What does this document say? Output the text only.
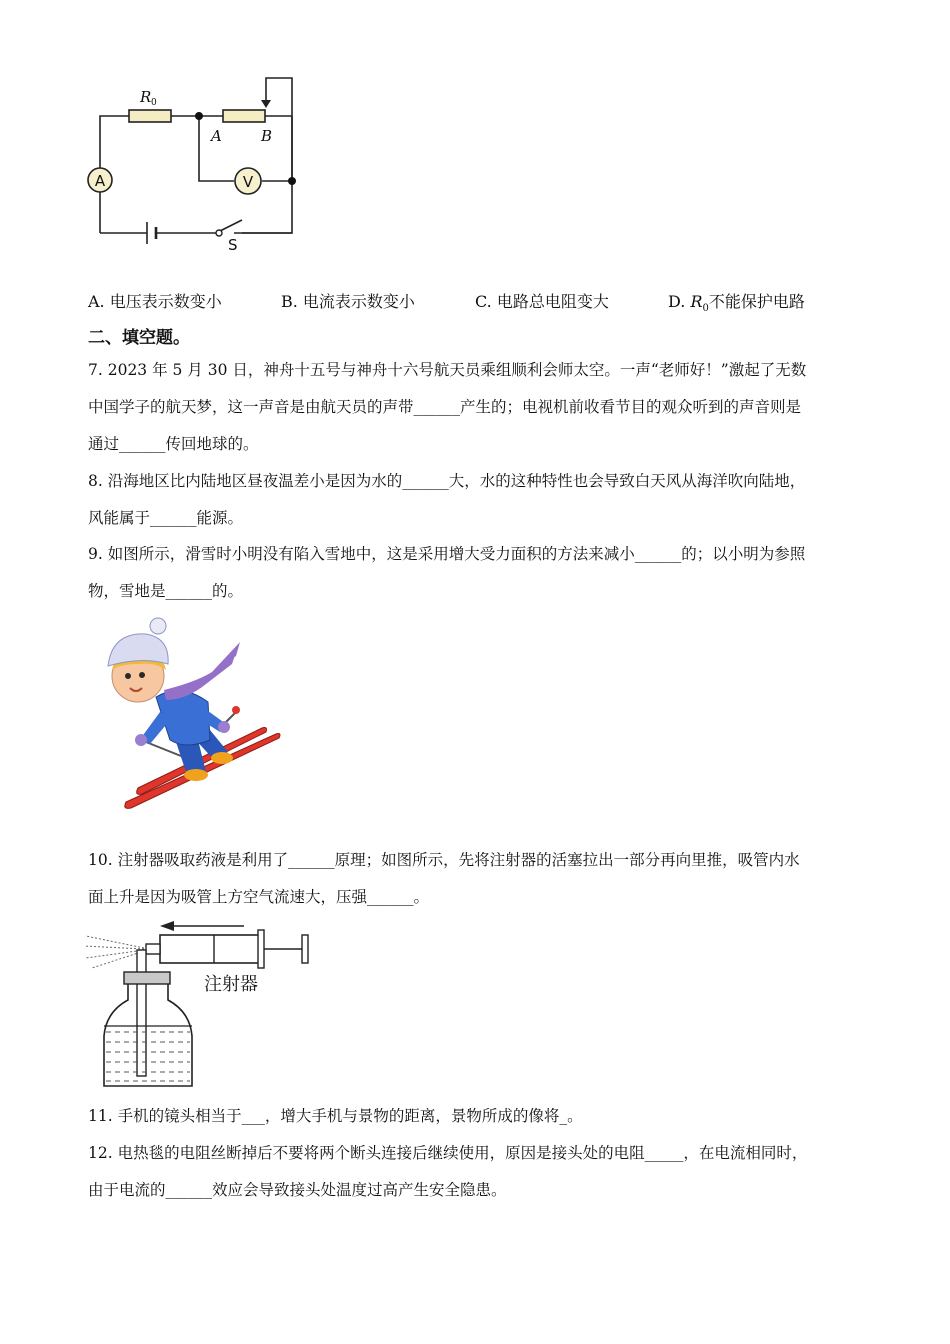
A	V
R 0
A	B
S
A. 电压表示数变小	B. 电流表示数变小	C. 电路总电阻变大	D. $R_0$不能保护电路
二、填空题。

7. 2023 年 5 月 30 日，神舟十五号与神舟十六号航天员乘组顺利会师太空。一声“老师好！”激起了无数

中国学子的航天梦，这一声音是由航天员的声带______产生的；电视机前收看节目的观众听到的声音则是

通过______传回地球的。

8. 沿海地区比内陆地区昼夜温差小是因为水的______大，水的这种特性也会导致白天风从海洋吹向陆地，

风能属于______能源。

9. 如图所示，滑雪时小明没有陷入雪地中，这是采用增大受力面积的方法来减小______的；以小明为参照

物，雪地是______的。

10. 注射器吸取药液是利用了______原理；如图所示，先将注射器的活塞拉出一部分再向里推，吸管内水

面上升是因为吸管上方空气流速大，压强______。

注射器

11. 手机的镜头相当于___，增大手机与景物的距离，景物所成的像将_。

12. 电热毯的电阻丝断掉后不要将两个断头连接后继续使用，原因是接头处的电阻_____，在电流相同时，

由于电流的______效应会导致接头处温度过高产生安全隐患。
